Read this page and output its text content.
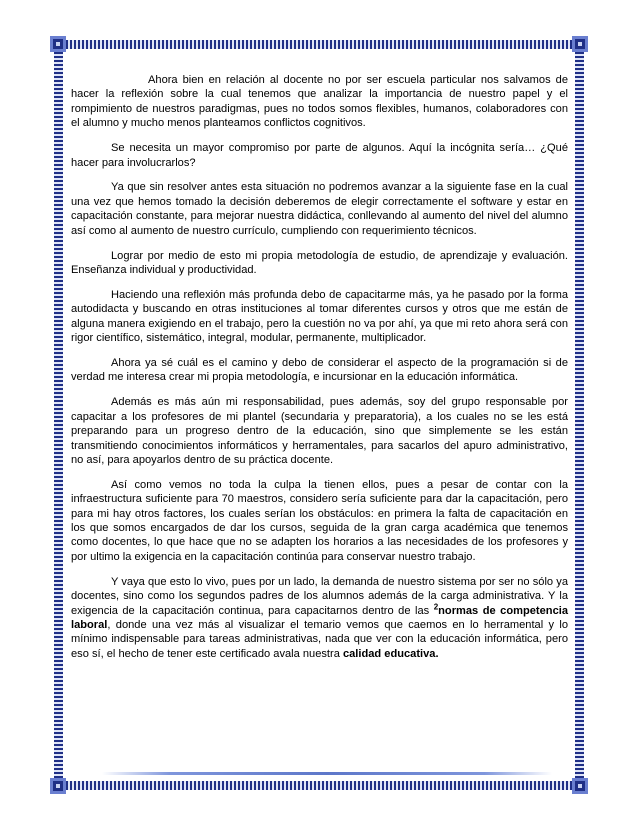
Ahora bien en relación al docente no por ser escuela particular nos salvamos de hacer la reflexión sobre la cual tenemos que analizar la importancia de nuestro papel y el rompimiento de nuestros paradigmas, pues no todos somos flexibles, humanos, colaboradores con el alumno y mucho menos planteamos conflictos cognitivos.

Se necesita un mayor compromiso por parte de algunos. Aquí la incógnita sería… ¿Qué hacer para involucrarlos?

Ya que sin resolver antes esta situación no podremos avanzar a la siguiente fase en la cual una vez que hemos tomado la decisión deberemos de elegir correctamente el software y estar en capacitación constante, para mejorar nuestra didáctica, conllevando al aumento del nivel del alumno así como al aumento de nuestro currículo, cumpliendo con requerimiento técnicos.

Lograr por medio de esto mi propia metodología de estudio, de aprendizaje y evaluación. Enseñanza individual y productividad.

Haciendo una reflexión más profunda debo de capacitarme más, ya he pasado por la forma autodidacta y buscando en otras instituciones al tomar diferentes cursos y otros que me están de alguna manera exigiendo en el trabajo, pero la cuestión no va por ahí, ya que mi reto ahora será con rigor científico, sistemático, integral, modular, permanente, multiplicador.

Ahora ya sé cuál es el camino y debo de considerar el aspecto de la programación si de verdad me interesa crear mi propia metodología, e incursionar en la educación informática.

Además es más aún mi responsabilidad, pues además, soy del grupo responsable por capacitar a los profesores de mi plantel (secundaria y preparatoria), a los cuales no se les está preparando para un progreso dentro de la educación, sino que simplemente se les están transmitiendo conocimientos informáticos y herramentales, para sacarlos del apuro administrativo, no así, para apoyarlos dentro de su práctica docente.

Así como vemos no toda la culpa la tienen ellos, pues a pesar de contar con la infraestructura suficiente para 70 maestros, considero sería suficiente para dar la capacitación, pero para mi hay otros factores, los cuales serían los obstáculos: en primera la falta de capacitación en los que somos encargados de dar los cursos, seguida de la gran carga académica que tenemos como docentes, lo que hace que no se adapten los horarios a las necesidades de los profesores y por ultimo la exigencia en la capacitación continúa para conservar nuestro trabajo.

Y vaya que esto lo vivo, pues por un lado, la demanda de nuestro sistema por ser no sólo ya docentes, sino como los segundos padres de los alumnos además de la carga administrativa. Y la exigencia de la capacitación continua, para capacitarnos dentro de las $^2$normas de competencia laboral, donde una vez más al visualizar el temario vemos que caemos en lo herramental y lo mínimo indispensable para tareas administrativas, nada que ver con la educación informática, pero eso sí, el hecho de tener este certificado avala nuestra calidad educativa.
